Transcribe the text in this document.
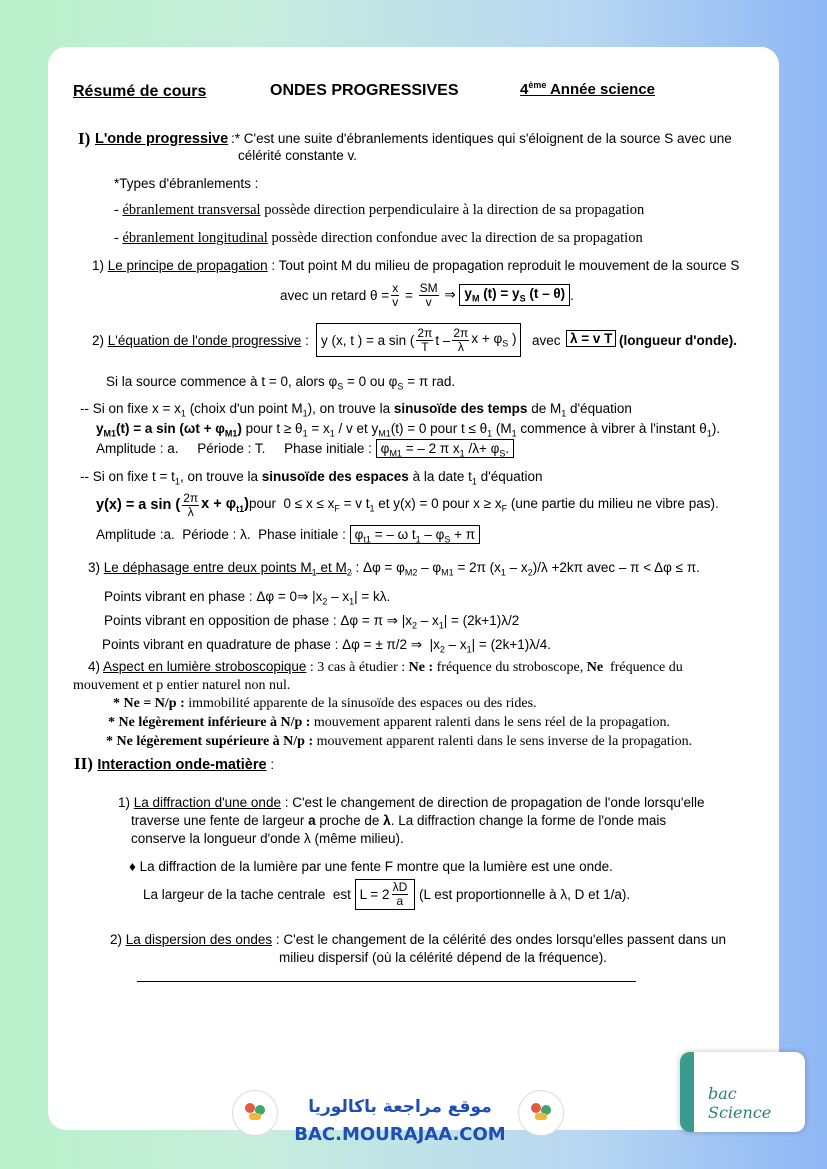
Résumé de cours	ONDES PROGRESSIVES	4ème Année science
I) L'onde progressive :* C'est une suite d'ébranlements identiques qui s'éloignent de la source S avec une
célérité constante v.
*Types d'ébranlements :
- ébranlement transversal possède direction perpendiculaire à la direction de sa propagation
- ébranlement longitudinal possède direction confondue avec la direction de sa propagation
1) Le principe de propagation : Tout point M du milieu de propagation reproduit le mouvement de la source S
avec un retard $\theta = \frac{x}{v} = \frac{SM}{v}$ ⇒ $y_M$ $(t) = y_S$ (t – θ) .
2) L'équation de l'onde progressive : y (x, t ) = a sin ( $\frac{2\pi}{T}$ t – $\frac{2\pi}{\lambda}$ $x + \varphi_S$ ) avec λ = v T (longueur d'onde).
Si la source commence à t = 0, alors $\varphi_S = 0$ ou $\varphi_S = \pi$ rad.
-- Si on fixe $x = x_1$ (choix d'un point $M_1$), on trouve la sinusoïde des temps de $M_1$ d'équation
$y_{M1}(t) = a$ $\sin (\omega t + \varphi_{M1})$ pour $t \ge \theta_1 = x_1 / v$ et $y_{M1}(t) = 0$ pour $t \le \theta_1$ ($M_1$ commence à vibrer à l'instant $\theta_1$).
Amplitude : a.     Période : T.     Phase initiale : $\varphi_{M1}$ = – 2 π $x_1$ $/\lambda+ \varphi_S$.
-- Si on fixe $t = t_1$, on trouve la sinusoïde des espaces à la date $t_1$ d'équation
y(x) = a sin ( $\frac{2\pi}{\lambda}$ $x + \varphi_{t1}$) pour  $0 \le x \le x_F = v$ $t_1$ et y(x) = 0 pour $x \ge x_F$ (une partie du milieu ne vibre pas).
Amplitude :a.  Période : λ.  Phase initiale : $\varphi_{t1}$ = – ω $t_1 - \varphi_S + \pi$
3) Le déphasage entre deux points $M_1$ et $M_2$ : $\Delta\varphi = \varphi_{M2} - \varphi_{M1} = 2\pi$ $(x_1 - x_2)/\lambda +2k\pi$ avec – π < Δφ ≤ π.
Points vibrant en phase : Δφ = 0⇒ $|x_2 - x_1| = k\lambda$.
Points vibrant en opposition de phase : Δφ = π ⇒ $|x_2 - x_1| = (2k+1)\lambda/2$
Points vibrant en quadrature de phase : Δφ = ± π/2 ⇒  $|x_2 - x_1| = (2k+1)\lambda/4$.
4) Aspect en lumière stroboscopique : 3 cas à étudier : Ne : fréquence du stroboscope, Ne  fréquence du
mouvement et p entier naturel non nul.
* Ne = N/p : immobilité apparente de la sinusoïde des espaces ou des rides.
* Ne légèrement inférieure à N/p : mouvement apparent ralenti dans le sens réel de la propagation.
* Ne légèrement supérieure à N/p : mouvement apparent ralenti dans le sens inverse de la propagation.
II) Interaction onde-matière :
1) La diffraction d'une onde : C'est le changement de direction de propagation de l'onde lorsqu'elle
traverse une fente de largeur a proche de λ. La diffraction change la forme de l'onde mais
conserve la longueur d'onde λ (même milieu).
♦ La diffraction de la lumière par une fente F montre que la lumière est une onde.
La largeur de la tache centrale  est
$L = 2 \frac{\lambda D}{a}$
(L est proportionnelle à λ, D et 1/a).
2) La dispersion des ondes : C'est le changement de la célérité des ondes lorsqu'elles passent dans un
milieu dispersif (où la célérité dépend de la fréquence).
موقع مراجعة باكالوريا
BAC.MOURAJAA.COM
bac Science
